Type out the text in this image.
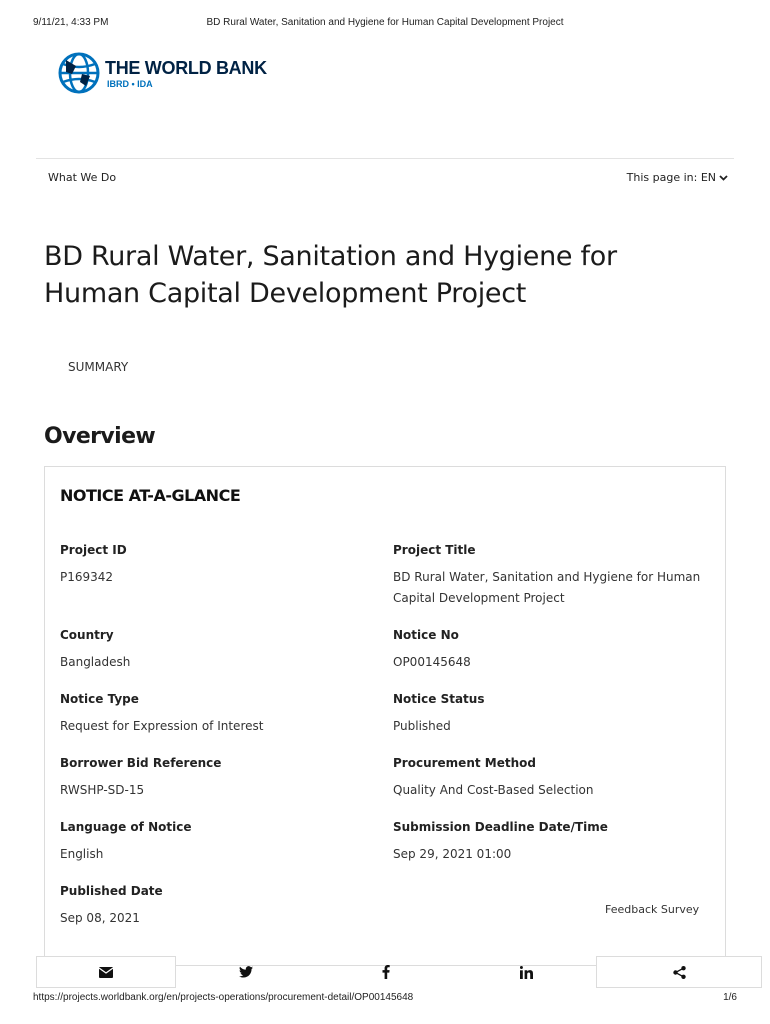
9/11/21, 4:33 PM	BD Rural Water, Sanitation and Hygiene for Human Capital Development Project
THE WORLD BANK
IBRD • IDA
What We Do	This page in: EN
BD Rural Water, Sanitation and Hygiene for Human Capital Development Project
SUMMARY
Overview
NOTICE AT-A-GLANCE
Project ID
P169342
Project Title
BD Rural Water, Sanitation and Hygiene for Human Capital Development Project
Country
Bangladesh
Notice No
OP00145648
Notice Type
Request for Expression of Interest
Notice Status
Published
Borrower Bid Reference
RWSHP-SD-15
Procurement Method
Quality And Cost-Based Selection
Language of Notice
English
Submission Deadline Date/Time
Sep 29, 2021 01:00
Published Date
Sep 08, 2021
Feedback Survey
https://projects.worldbank.org/en/projects-operations/procurement-detail/OP00145648	1/6
